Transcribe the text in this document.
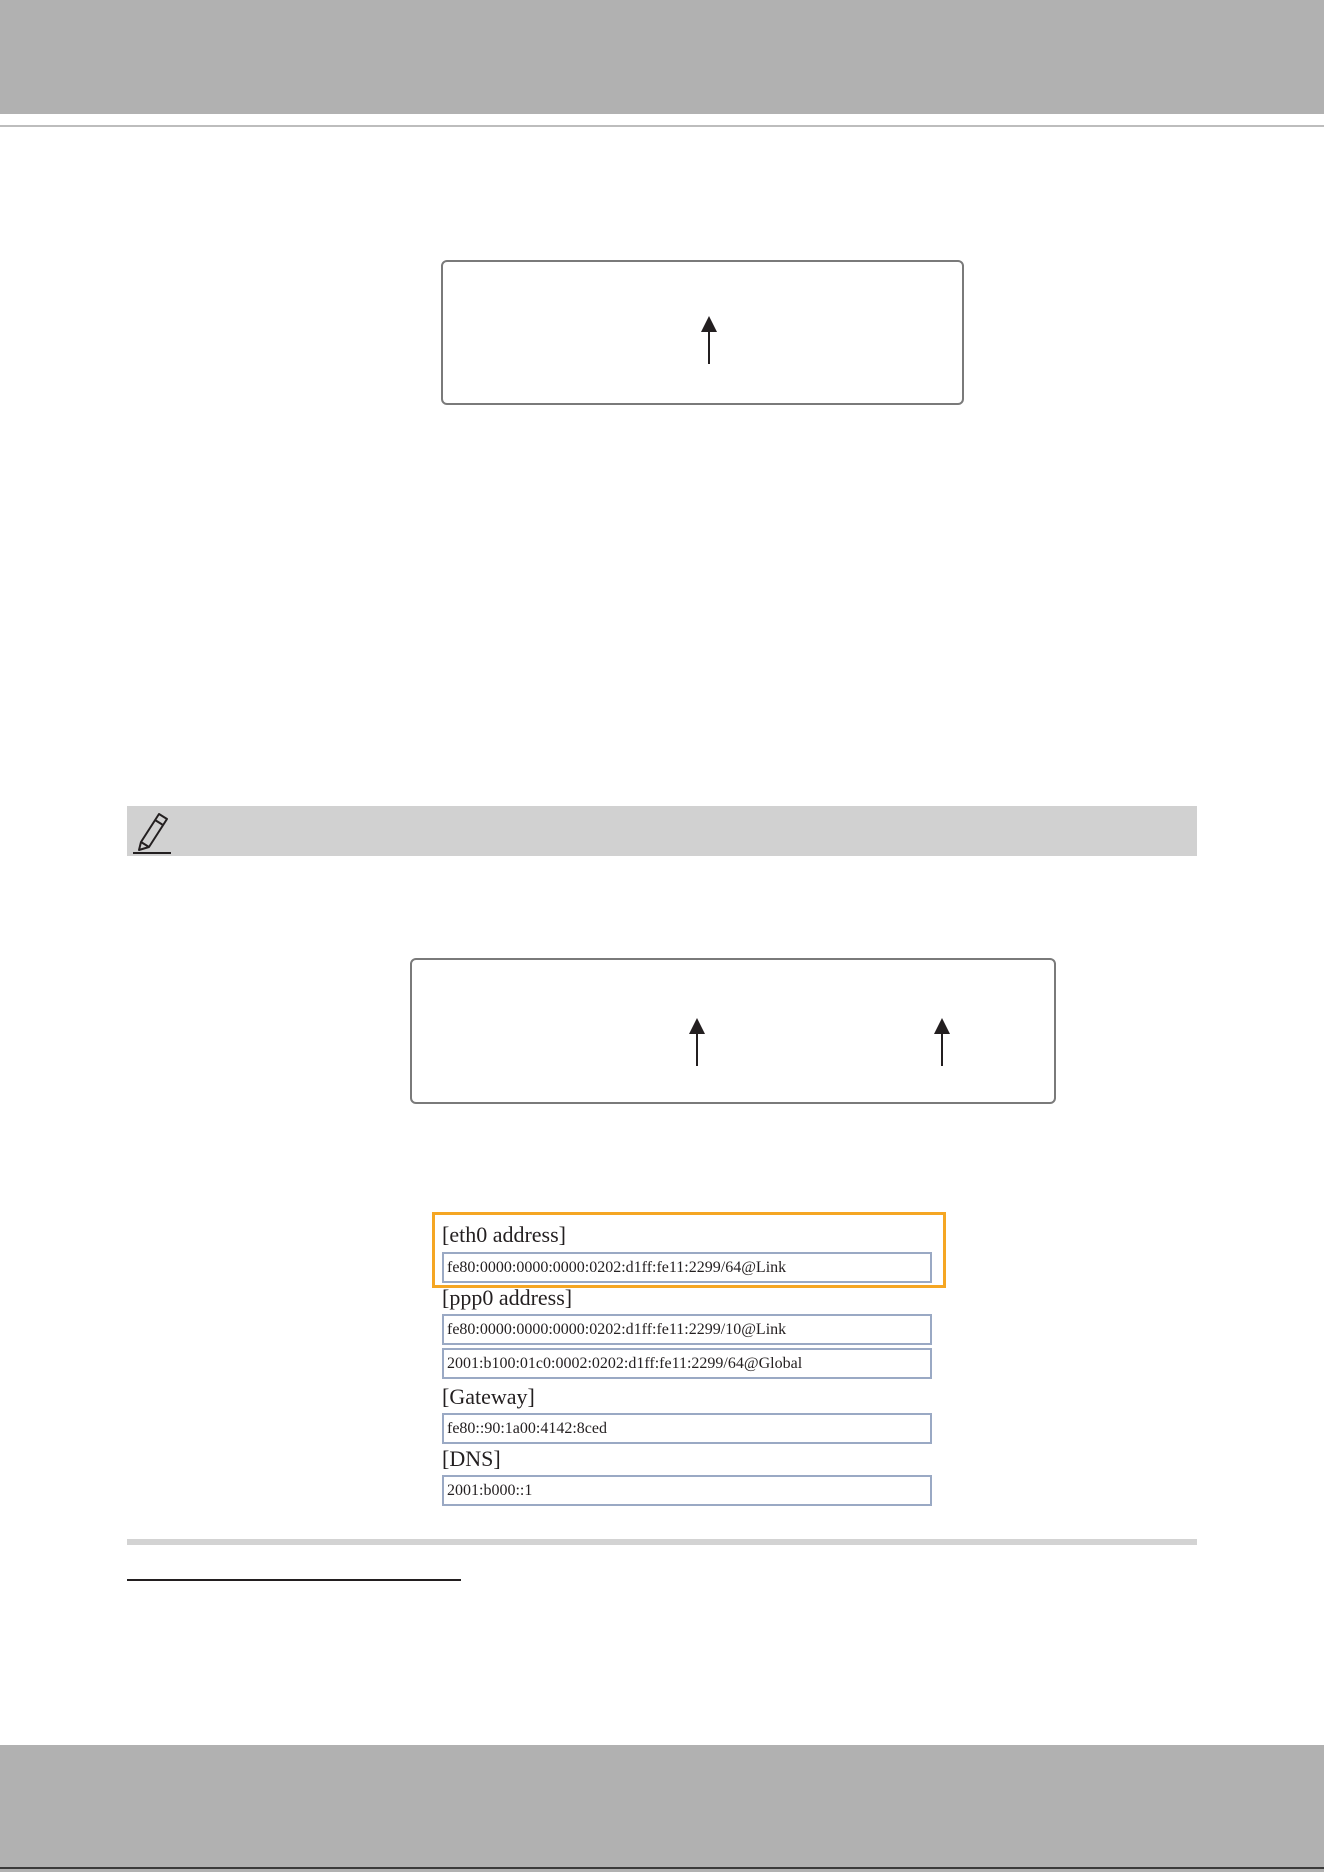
[eth0 address]
fe80:0000:0000:0000:0202:d1ff:fe11:2299/64@Link
[ppp0 address]
fe80:0000:0000:0000:0202:d1ff:fe11:2299/10@Link
2001:b100:01c0:0002:0202:d1ff:fe11:2299/64@Global
[Gateway]
fe80::90:1a00:4142:8ced
[DNS]
2001:b000::1
